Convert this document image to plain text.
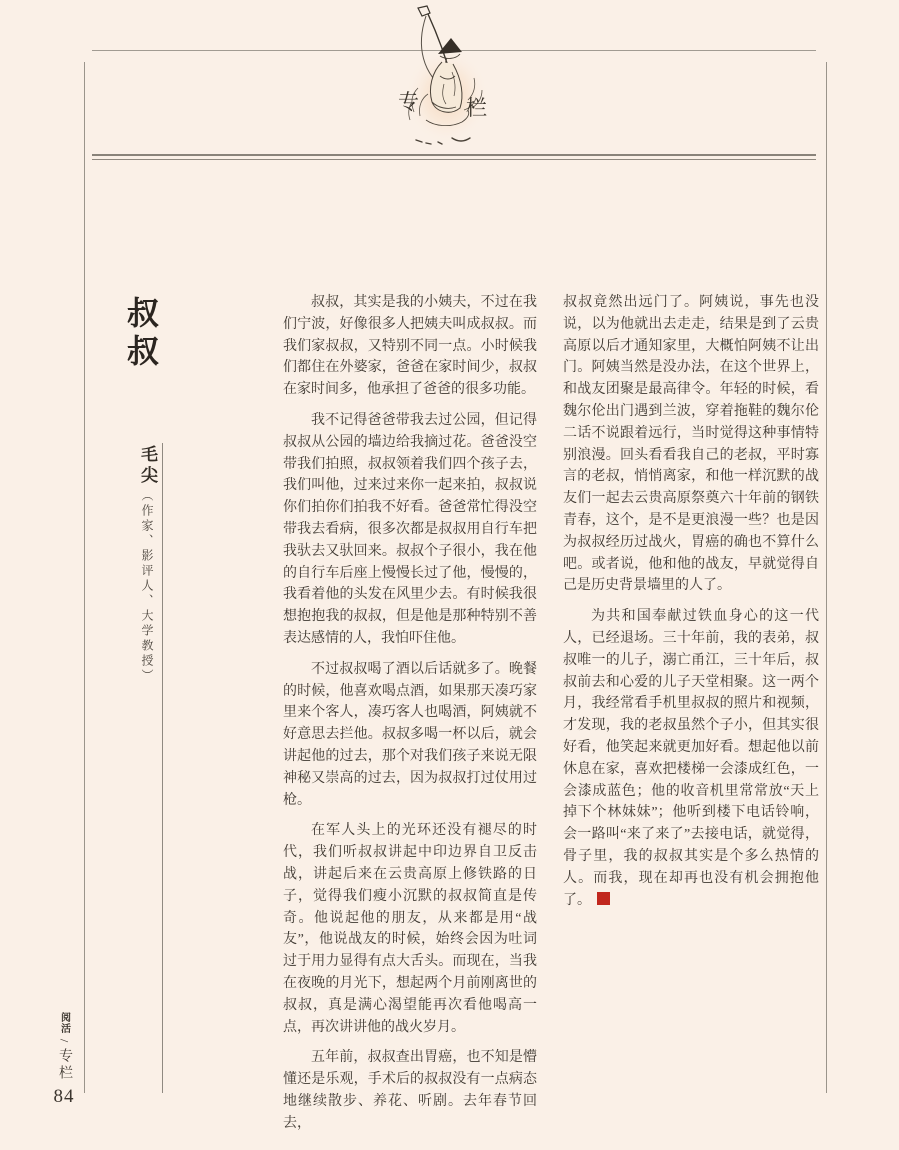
专 栏
叔叔
毛尖（作家、影评人、大学教授）

叔叔，其实是我的小姨夫，不过在我们宁波，好像很多人把姨夫叫成叔叔。而我们家叔叔，又特别不同一点。小时候我们都住在外婆家，爸爸在家时间少，叔叔在家时间多，他承担了爸爸的很多功能。

我不记得爸爸带我去过公园，但记得叔叔从公园的墙边给我摘过花。爸爸没空带我们拍照，叔叔领着我们四个孩子去，我们叫他，过来过来你一起来拍，叔叔说你们拍你们拍我不好看。爸爸常忙得没空带我去看病，很多次都是叔叔用自行车把我驮去又驮回来。叔叔个子很小，我在他的自行车后座上慢慢长过了他，慢慢的，我看着他的头发在风里少去。有时候我很想抱抱我的叔叔，但是他是那种特别不善表达感情的人，我怕吓住他。

不过叔叔喝了酒以后话就多了。晚餐的时候，他喜欢喝点酒，如果那天凑巧家里来个客人，凑巧客人也喝酒，阿姨就不好意思去拦他。叔叔多喝一杯以后，就会讲起他的过去，那个对我们孩子来说无限神秘又崇高的过去，因为叔叔打过仗用过枪。

在军人头上的光环还没有褪尽的时代，我们听叔叔讲起中印边界自卫反击战，讲起后来在云贵高原上修铁路的日子，觉得我们瘦小沉默的叔叔简直是传奇。他说起他的朋友，从来都是用“战友”，他说战友的时候，始终会因为吐词过于用力显得有点大舌头。而现在，当我在夜晚的月光下，想起两个月前刚离世的叔叔，真是满心渴望能再次看他喝高一点，再次讲讲他的战火岁月。

五年前，叔叔查出胃癌，也不知是懵懂还是乐观，手术后的叔叔没有一点病态地继续散步、养花、听剧。去年春节回去，

叔叔竟然出远门了。阿姨说，事先也没说，以为他就出去走走，结果是到了云贵高原以后才通知家里，大概怕阿姨不让出门。阿姨当然是没办法，在这个世界上，和战友团聚是最高律令。年轻的时候，看魏尔伦出门遇到兰波，穿着拖鞋的魏尔伦二话不说跟着远行，当时觉得这种事情特别浪漫。回头看看我自己的老叔，平时寡言的老叔，悄悄离家，和他一样沉默的战友们一起去云贵高原祭奠六十年前的钢铁青春，这个，是不是更浪漫一些？也是因为叔叔经历过战火，胃癌的确也不算什么吧。或者说，他和他的战友，早就觉得自己是历史背景墙里的人了。

为共和国奉献过铁血身心的这一代人，已经退场。三十年前，我的表弟，叔叔唯一的儿子，溺亡甬江，三十年后，叔叔前去和心爱的儿子天堂相聚。这一两个月，我经常看手机里叔叔的照片和视频，才发现，我的老叔虽然个子小，但其实很好看，他笑起来就更加好看。想起他以前休息在家，喜欢把楼梯一会漆成红色，一会漆成蓝色；他的收音机里常常放“天上掉下个林妹妹”；他听到楼下电话铃响，会一路叫“来了来了”去接电话，就觉得，骨子里，我的叔叔其实是个多么热情的人。而我，现在却再也没有机会拥抱他了。

阅活
/
专栏
84
